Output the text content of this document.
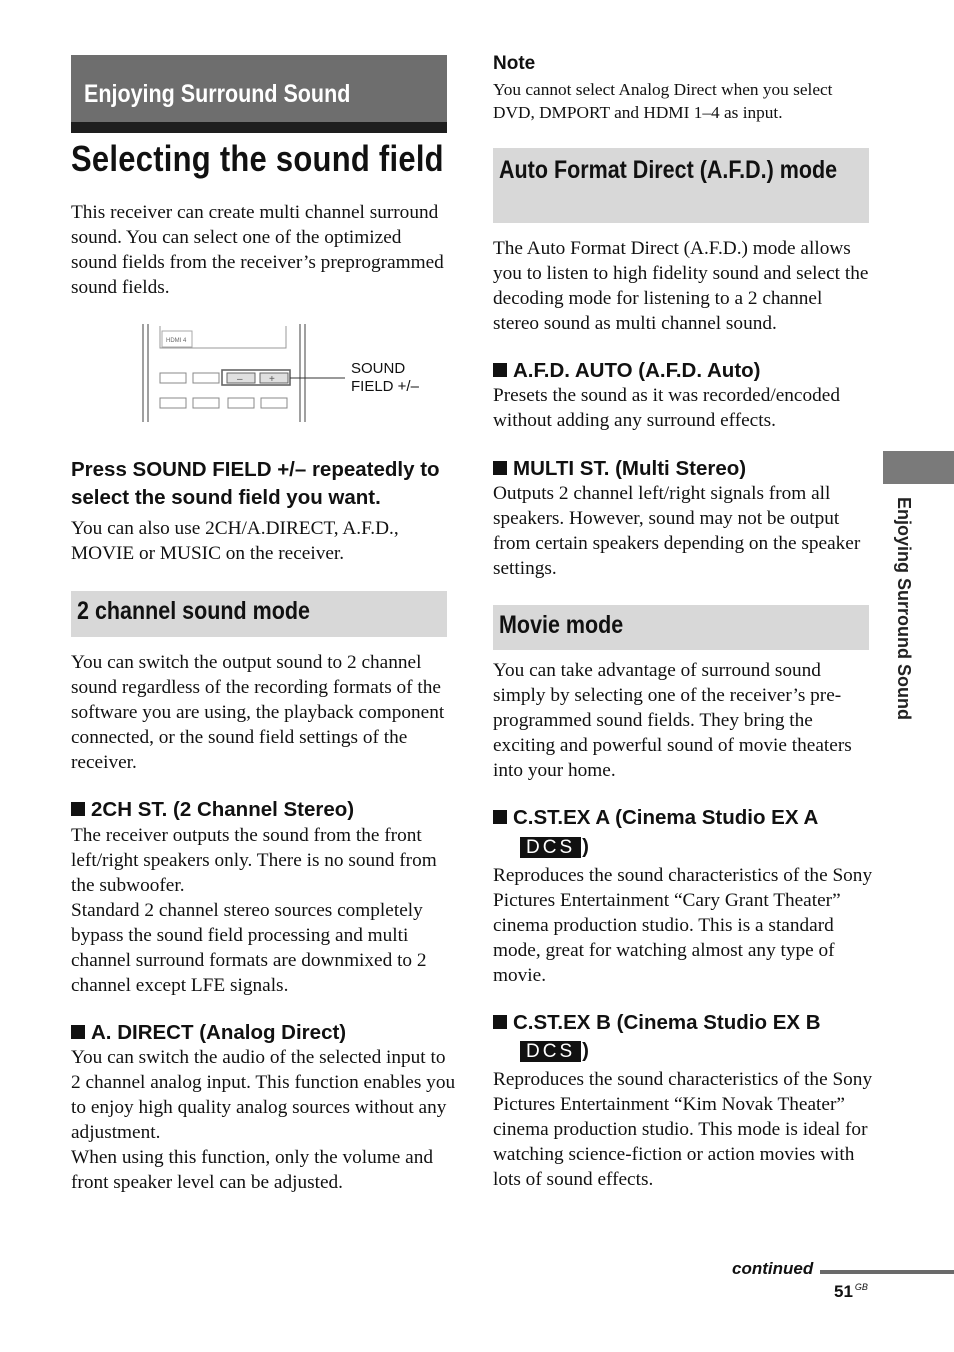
Enjoying Surround Sound
Selecting the sound field
This receiver can create multi channel surround sound. You can select one of the optimized sound fields from the receiver’s preprogrammed sound fields.
HDMI 4
–	+
SOUND
FIELD +/–
Press SOUND FIELD +/– repeatedly to select the sound field you want.
You can also use 2CH/A.DIRECT, A.F.D., MOVIE or MUSIC on the receiver.
2 channel sound mode
You can switch the output sound to 2 channel sound regardless of the recording formats of the software you are using, the playback component connected, or the sound field settings of the receiver.
2CH ST. (2 Channel Stereo)
The receiver outputs the sound from the front left/right speakers only. There is no sound from the subwoofer.
Standard 2 channel stereo sources completely bypass the sound field processing and multi channel surround formats are downmixed to 2 channel except LFE signals.
A. DIRECT (Analog Direct)
You can switch the audio of the selected input to 2 channel analog input. This function enables you to enjoy high quality analog sources without any adjustment.
When using this function, only the volume and front speaker level can be adjusted.
Note
You cannot select Analog Direct when you select DVD, DMPORT and HDMI 1–4 as input.
Auto Format Direct (A.F.D.) mode
The Auto Format Direct (A.F.D.) mode allows you to listen to high fidelity sound and select the decoding mode for listening to a 2 channel stereo sound as multi channel sound.
A.F.D. AUTO (A.F.D. Auto)
Presets the sound as it was recorded/encoded without adding any surround effects.
MULTI ST. (Multi Stereo)
Outputs 2 channel left/right signals from all speakers. However, sound may not be output from certain speakers depending on the speaker settings.
Movie mode
You can take advantage of surround sound simply by selecting one of the receiver’s pre-programmed sound fields. They bring the exciting and powerful sound of movie theaters into your home.
C.ST.EX A (Cinema Studio EX A
DCS )
Reproduces the sound characteristics of the Sony Pictures Entertainment “Cary Grant Theater” cinema production studio. This is a standard mode, great for watching almost any type of movie.
C.ST.EX B (Cinema Studio EX B
DCS )
Reproduces the sound characteristics of the Sony Pictures Entertainment “Kim Novak Theater” cinema production studio. This mode is ideal for watching science-fiction or action movies with lots of sound effects.
Enjoying Surround Sound
continued
51 $^{GB}$
